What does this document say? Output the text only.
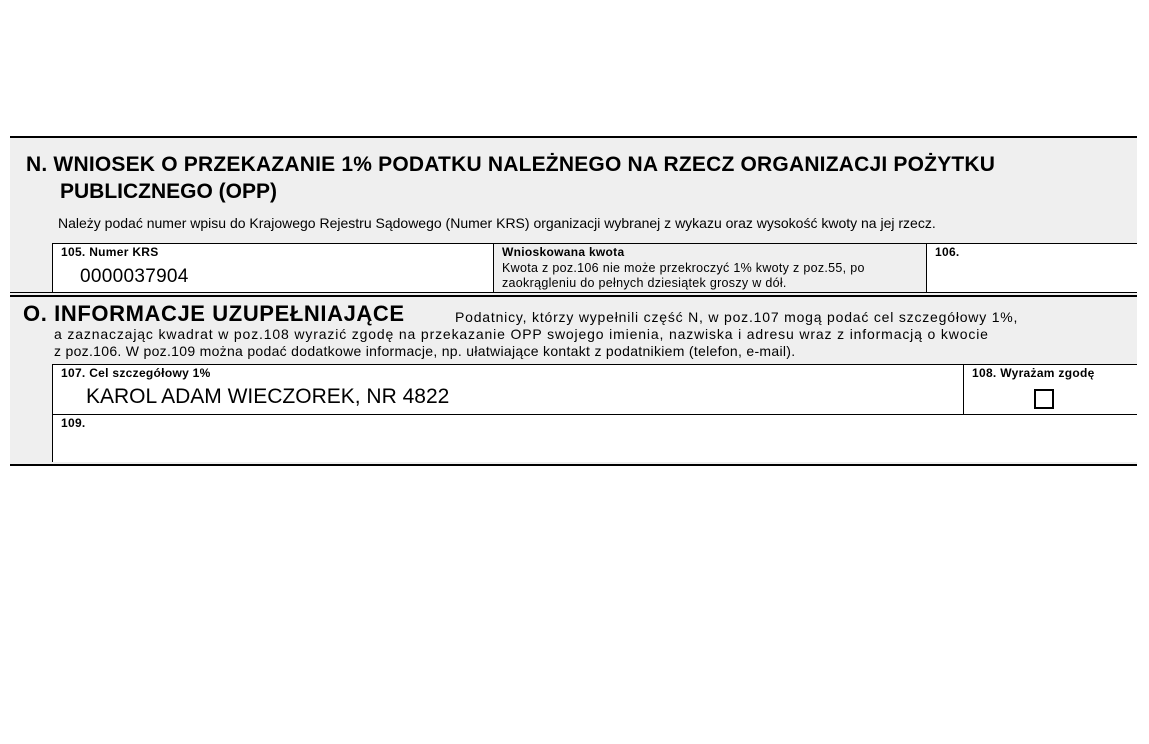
N. WNIOSEK O PRZEKAZANIE 1% PODATKU NALEŻNEGO NA RZECZ ORGANIZACJI POŻYTKU
PUBLICZNEGO (OPP)
Należy podać numer wpisu do Krajowego Rejestru Sądowego (Numer KRS) organizacji wybranej z wykazu oraz wysokość kwoty na jej rzecz.
105. Numer KRS
0000037904
Wnioskowana kwota
Kwota z poz.106 nie może przekroczyć 1% kwoty z poz.55, po zaokrągleniu do pełnych dziesiątek groszy w dół.
106.
O. INFORMACJE UZUPEŁNIAJĄCE	Podatnicy, którzy wypełnili część N, w poz.107 mogą podać cel szczegółowy 1%,
a zaznaczając kwadrat w poz.108 wyrazić zgodę na przekazanie OPP swojego imienia, nazwiska i adresu wraz z informacją o kwocie
z poz.106. W poz.109 można podać dodatkowe informacje, np. ułatwiające kontakt z podatnikiem (telefon, e-mail).
107. Cel szczegółowy 1%
KAROL ADAM WIECZOREK, NR 4822
108. Wyrażam zgodę
109.
